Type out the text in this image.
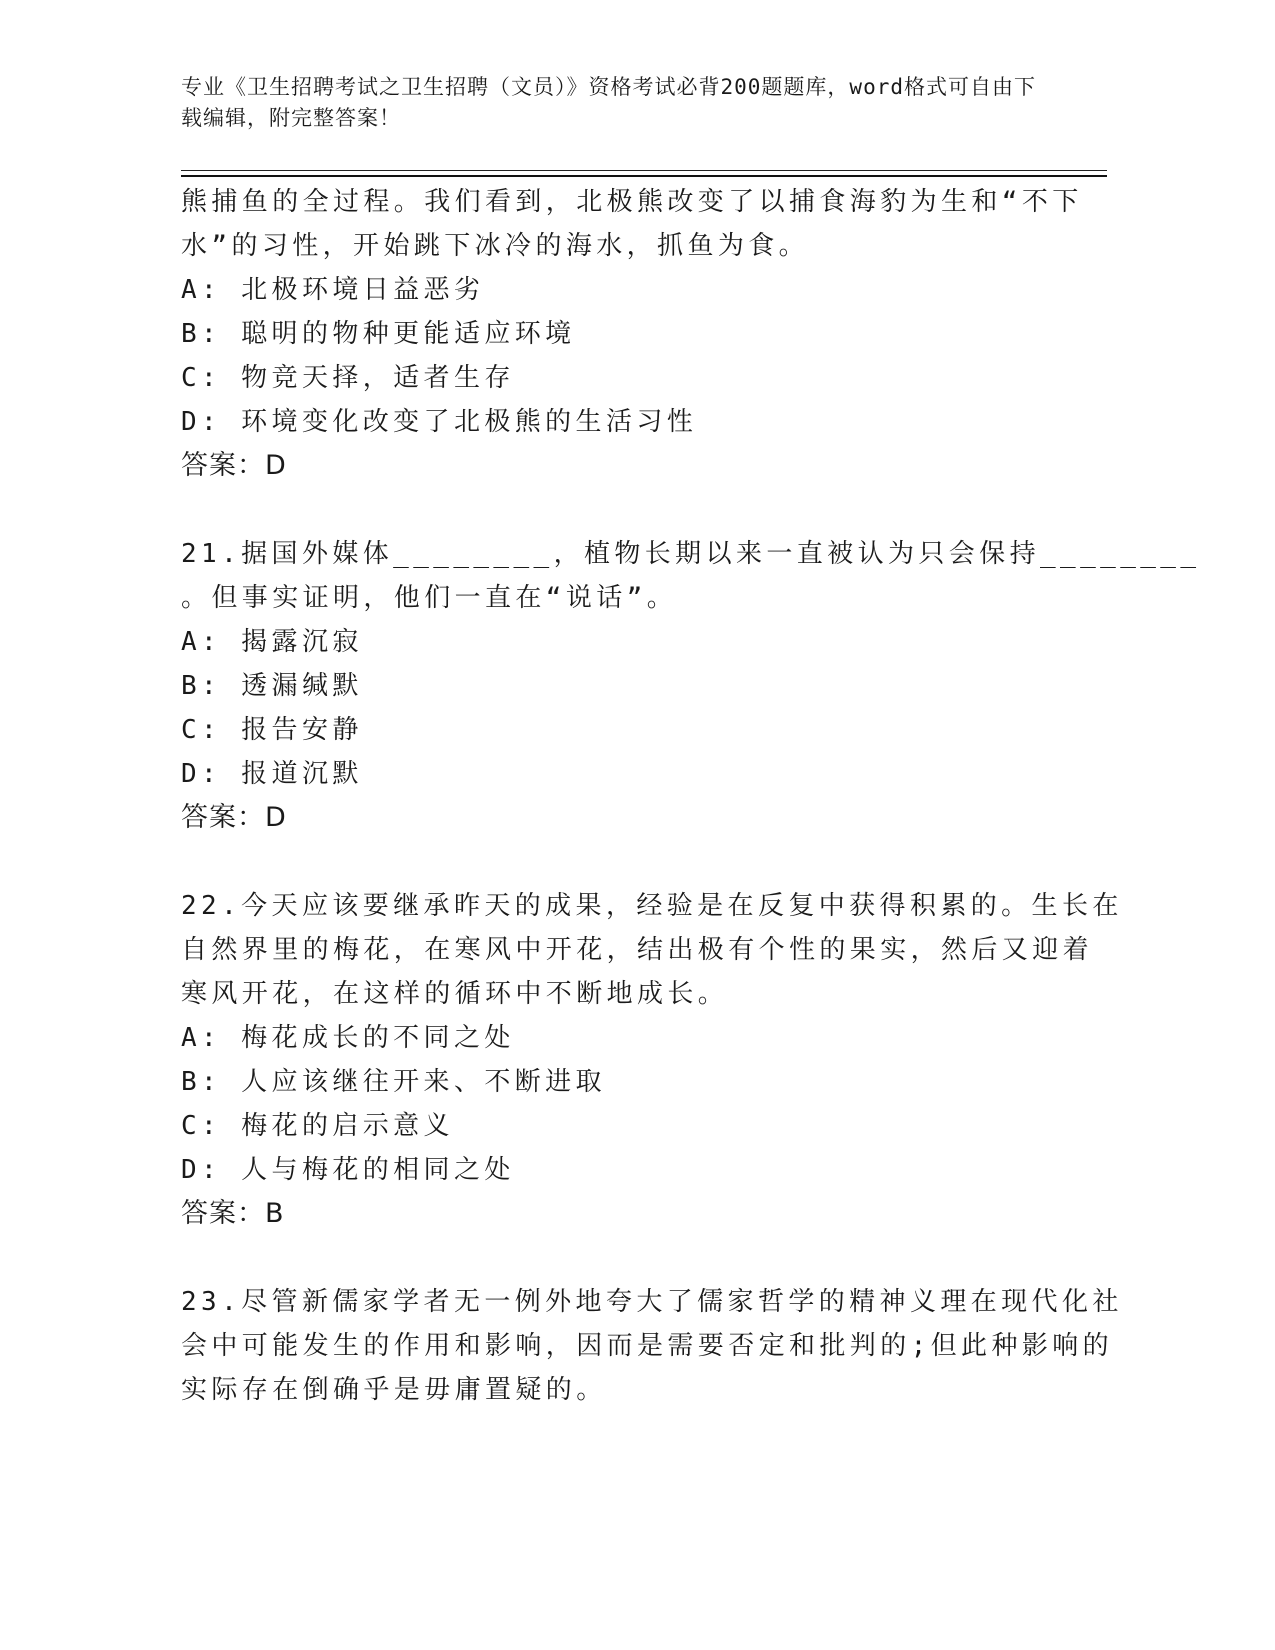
专业《卫生招聘考试之卫生招聘（文员）》资格考试必背200题题库，word格式可自由下载编辑，附完整答案！
熊捕鱼的全过程。我们看到，北极熊改变了以捕食海豹为生和“不下
水”的习性，开始跳下冰冷的海水，抓鱼为食。
A: 北极环境日益恶劣
B: 聪明的物种更能适应环境
C: 物竞天择，适者生存
D: 环境变化改变了北极熊的生活习性
答案：D
21.据国外媒体________，植物长期以来一直被认为只会保持________
。但事实证明，他们一直在“说话”。
A: 揭露沉寂
B: 透漏缄默
C: 报告安静
D: 报道沉默
答案：D
22.今天应该要继承昨天的成果，经验是在反复中获得积累的。生长在
自然界里的梅花，在寒风中开花，结出极有个性的果实，然后又迎着
寒风开花，在这样的循环中不断地成长。
A: 梅花成长的不同之处
B: 人应该继往开来、不断进取
C: 梅花的启示意义
D: 人与梅花的相同之处
答案：B
23.尽管新儒家学者无一例外地夸大了儒家哲学的精神义理在现代化社
会中可能发生的作用和影响，因而是需要否定和批判的;但此种影响的
实际存在倒确乎是毋庸置疑的。
